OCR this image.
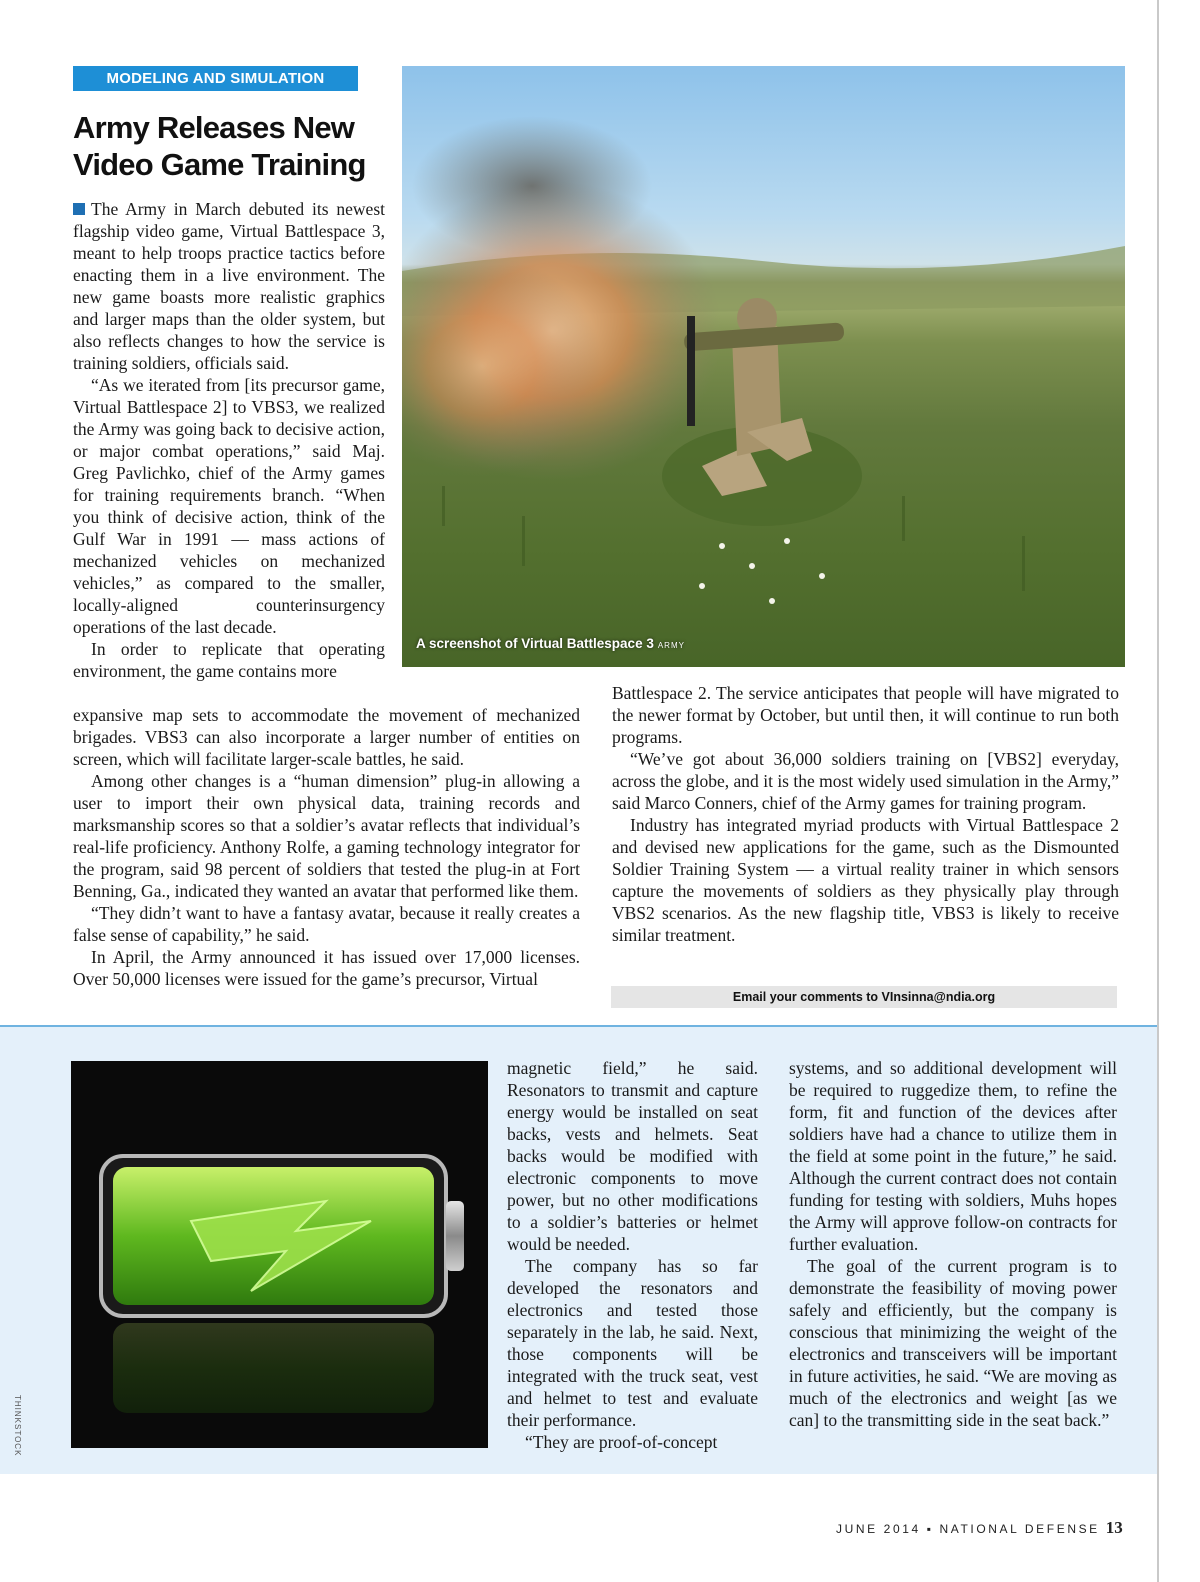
MODELING AND SIMULATION
Army Releases New Video Game Training
A screenshot of Virtual Battlespace 3 ARMY

The Army in March debuted its newest flagship video game, Virtual Battlespace 3, meant to help troops practice tactics before enacting them in a live environment. The new game boasts more realistic graphics and larger maps than the older system, but also reflects changes to how the service is training soldiers, officials said.

“As we iterated from [its precursor game, Virtual Battlespace 2] to VBS3, we realized the Army was going back to decisive action, or major combat operations,” said Maj. Greg Pavlichko, chief of the Army games for training requirements branch. “When you think of decisive action, think of the Gulf War in 1991 — mass actions of mechanized vehicles on mechanized vehicles,” as compared to the smaller, locally-aligned counterinsurgency operations of the last decade.

In order to replicate that operating environment, the game contains more

expansive map sets to accommodate the movement of mechanized brigades. VBS3 can also incorporate a larger number of entities on screen, which will facilitate larger-scale battles, he said.

Among other changes is a “human dimension” plug-in allowing a user to import their own physical data, training records and marksmanship scores so that a soldier’s avatar reflects that individual’s real-life proficiency. Anthony Rolfe, a gaming technology integrator for the program, said 98 percent of soldiers that tested the plug-in at Fort Benning, Ga., indicated they wanted an avatar that performed like them.

“They didn’t want to have a fantasy avatar, because it really creates a false sense of capability,” he said.

In April, the Army announced it has issued over 17,000 licenses. Over 50,000 licenses were issued for the game’s precursor, Virtual

Battlespace 2. The service anticipates that people will have migrated to the newer format by October, but until then, it will continue to run both programs.

“We’ve got about 36,000 soldiers training on [VBS2] everyday, across the globe, and it is the most widely used simulation in the Army,” said Marco Conners, chief of the Army games for training program.

Industry has integrated myriad products with Virtual Battlespace 2 and devised new applications for the game, such as the Dismounted Soldier Training System — a virtual reality trainer in which sensors capture the movements of soldiers as they physically play through VBS2 scenarios. As the new flagship title, VBS3 is likely to receive similar treatment.

Email your comments to VInsinna@ndia.org
THINKSTOCK

magnetic field,” he said. Resonators to transmit and capture energy would be installed on seat backs, vests and helmets. Seat backs would be modified with electronic components to move power, but no other modifications to a soldier’s batteries or helmet would be needed.

The company has so far developed the resonators and electronics and tested those separately in the lab, he said. Next, those components will be integrated with the truck seat, vest and helmet to test and evaluate their performance.

“They are proof-of-concept

systems, and so additional development will be required to ruggedize them, to refine the form, fit and function of the devices after soldiers have had a chance to utilize them in the field at some point in the future,” he said. Although the current contract does not contain funding for testing with soldiers, Muhs hopes the Army will approve follow-on contracts for further evaluation.

The goal of the current program is to demonstrate the feasibility of moving power safely and efficiently, but the company is conscious that minimizing the weight of the electronics and transceivers will be important in future activities, he said. “We are moving as much of the electronics and weight [as we can] to the transmitting side in the seat back.”

JUNE 2014 ▪ NATIONAL DEFENSE 13
